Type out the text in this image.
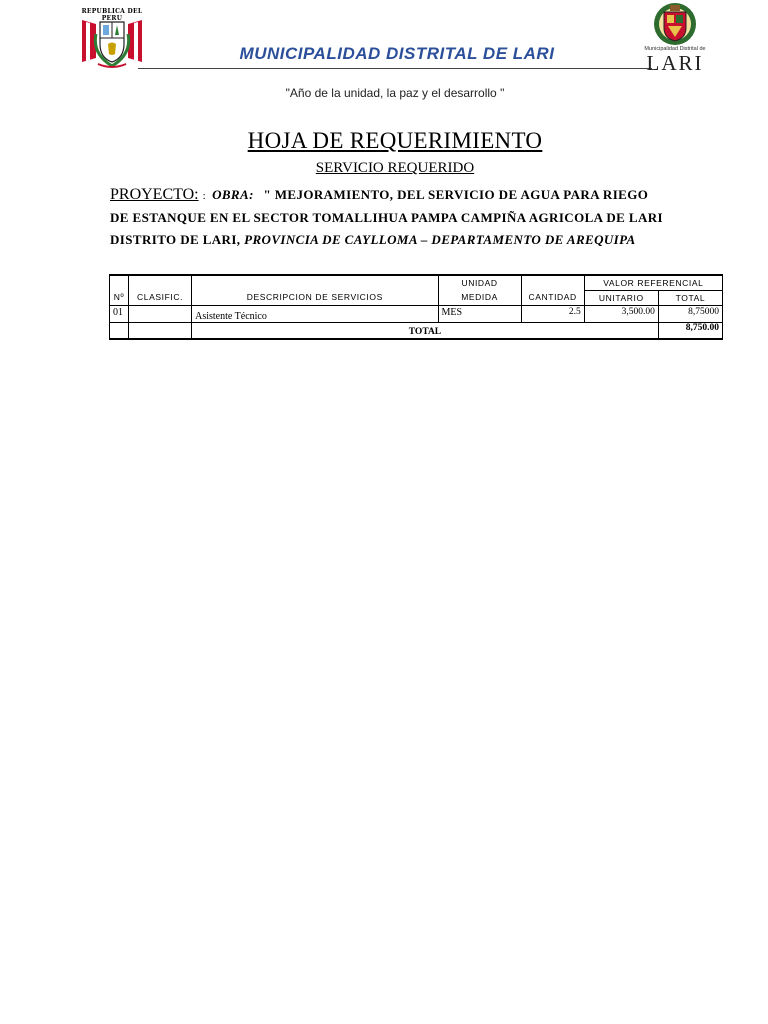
REPUBLICA DEL PERU
MUNICIPALIDAD DISTRITAL DE LARI	Municipalidad Distrital de
LARI
"Año de la unidad, la paz y el desarrollo "
HOJA DE REQUERIMIENTO
SERVICIO REQUERIDO
PROYECTO: : OBRA: " MEJORAMIENTO, DEL SERVICIO DE AGUA PARA RIEGO DE ESTANQUE EN EL SECTOR TOMALLIHUA PAMPA CAMPIÑA AGRICOLA DE LARI DISTRITO DE LARI, PROVINCIA DE CAYLLOMA – DEPARTAMENTO DE AREQUIPA
			UNIDAD		VALOR REFERENCIAL	
Nº	CLASIFIC.	DESCRIPCION DE SERVICIOS	MEDIDA	CANTIDAD	UNITARIO	TOTAL
01		Asistente Técnico	MES	2.5	3,500.00	8,75000
		TOTAL				8,750.00
